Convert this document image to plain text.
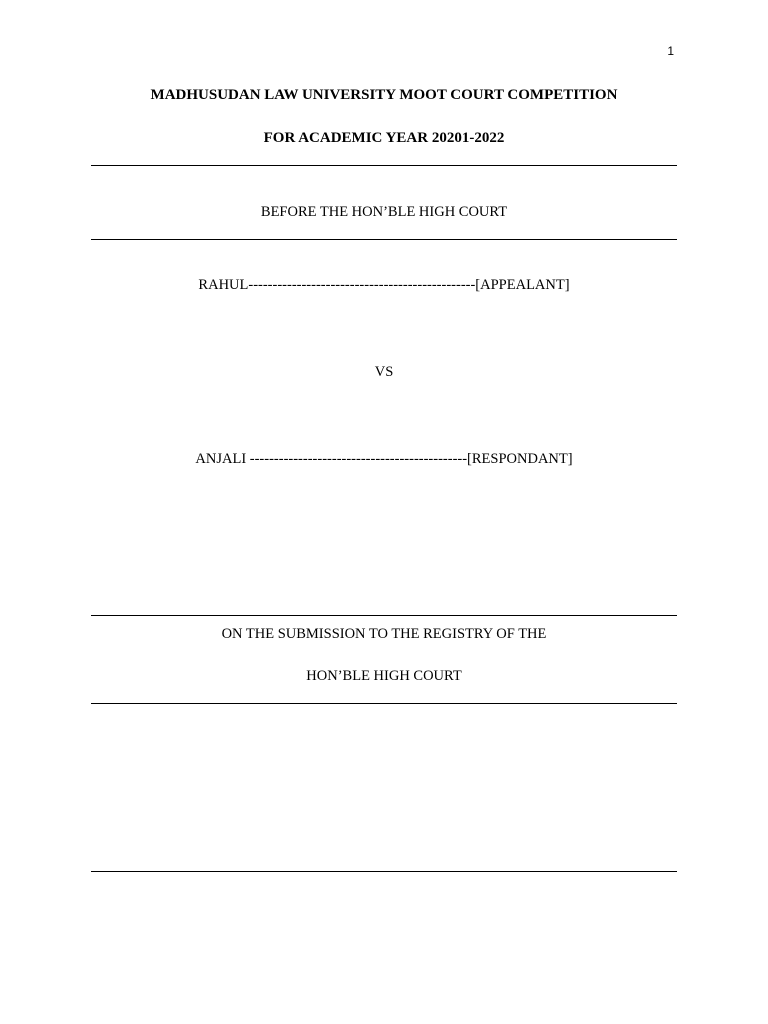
1
MADHUSUDAN LAW UNIVERSITY MOOT COURT COMPETITION
FOR ACADEMIC YEAR 20201-2022
BEFORE THE HON’BLE HIGH COURT
RAHUL-----------------------------------------------[APPEALANT]
VS
ANJALI ---------------------------------------------[RESPONDANT]
ON THE SUBMISSION TO THE REGISTRY OF THE
HON’BLE HIGH COURT
